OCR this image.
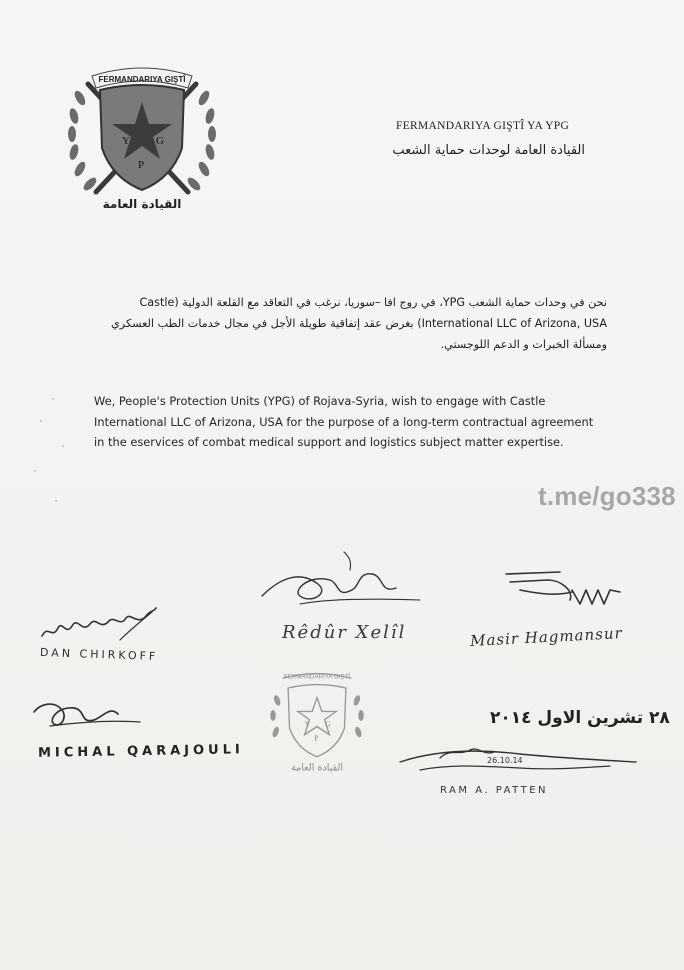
FERMANDARIYA GIŞTÎ
Y
P
G
القيادة العامة
FERMANDARIYA GIŞTÎ YA YPG
القيادة العامة لوحدات حماية الشعب
نحن في وحدات حماية الشعب YPG، في روج افا –سوريا، نرغب في التعاقد مع القلعة الدولية (Castle International LLC of Arizona, USA) بغرض عقد إتفاقية طويلة الأجل في مجال خدمات الطب العسكري ومسألة الخبرات و الدعم اللوجستي.
We, People's Protection Units (YPG) of Rojava-Syria, wish to engage with Castle International LLC of Arizona, USA for the purpose of a long-term contractual agreement in the eservices of combat medical support and logistics subject matter expertise.
t.me/go338
FERMANDARIYA GIŞTÎ
Y
P
G
القيادة العامة
DAN CHIRKOFF
Rêdûr Xelîl	Masir Hagmansur
MICHAL QARAJOULI
٢٨ تشرين الاول ٢٠١٤
26.10.14
RAM A. PATTEN
